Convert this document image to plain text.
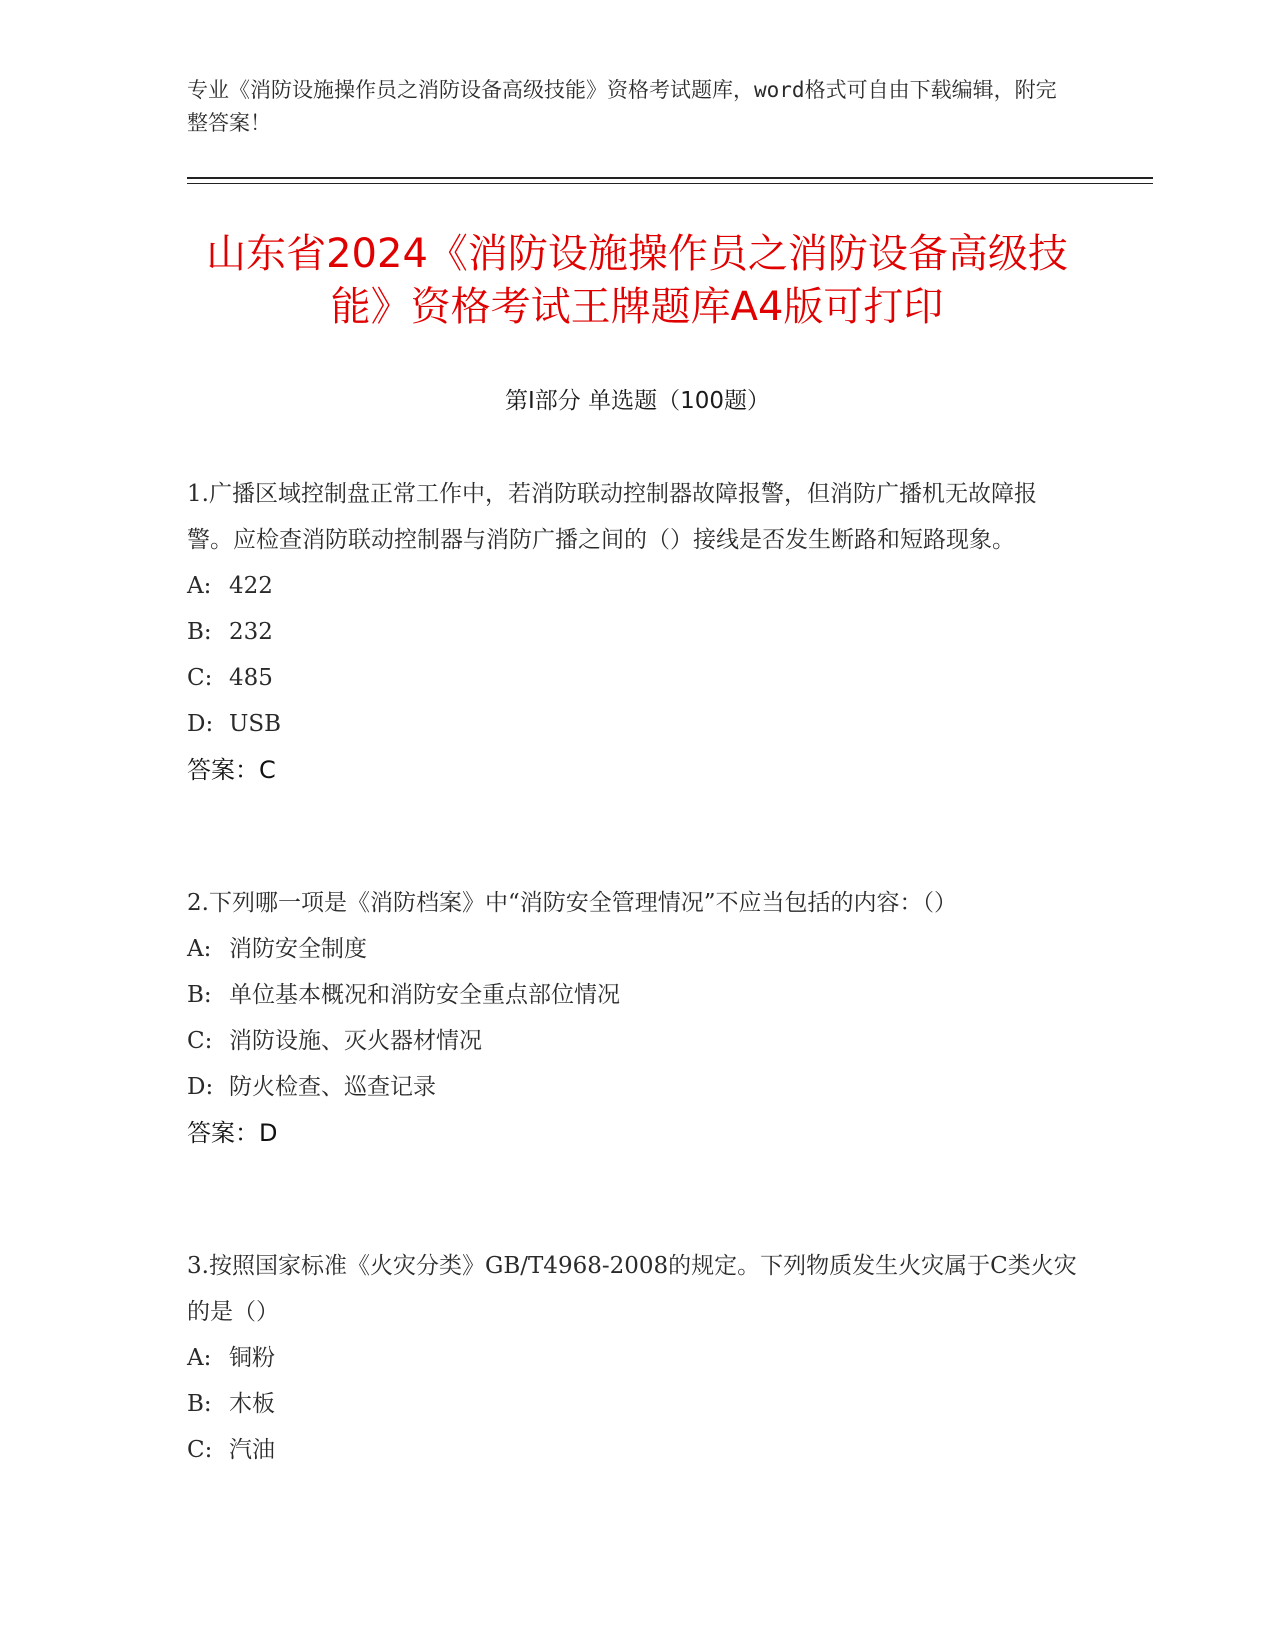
专业《消防设施操作员之消防设备高级技能》资格考试题库，word格式可自由下载编辑，附完整答案！
山东省2024《消防设施操作员之消防设备高级技能》资格考试王牌题库A4版可打印
第I部分 单选题（100题）

1.广播区域控制盘正常工作中，若消防联动控制器故障报警，但消防广播机无故障报警。应检查消防联动控制器与消防广播之间的（）接线是否发生断路和短路现象。

A: 422

B: 232

C: 485

D: USB

答案：C

2.下列哪一项是《消防档案》中“消防安全管理情况”不应当包括的内容：（）

A: 消防安全制度

B: 单位基本概况和消防安全重点部位情况

C: 消防设施、灭火器材情况

D: 防火检查、巡查记录

答案：D

3.按照国家标准《火灾分类》GB/T4968-2008的规定。下列物质发生火灾属于C类火灾的是（）

A: 铜粉

B: 木板

C: 汽油
